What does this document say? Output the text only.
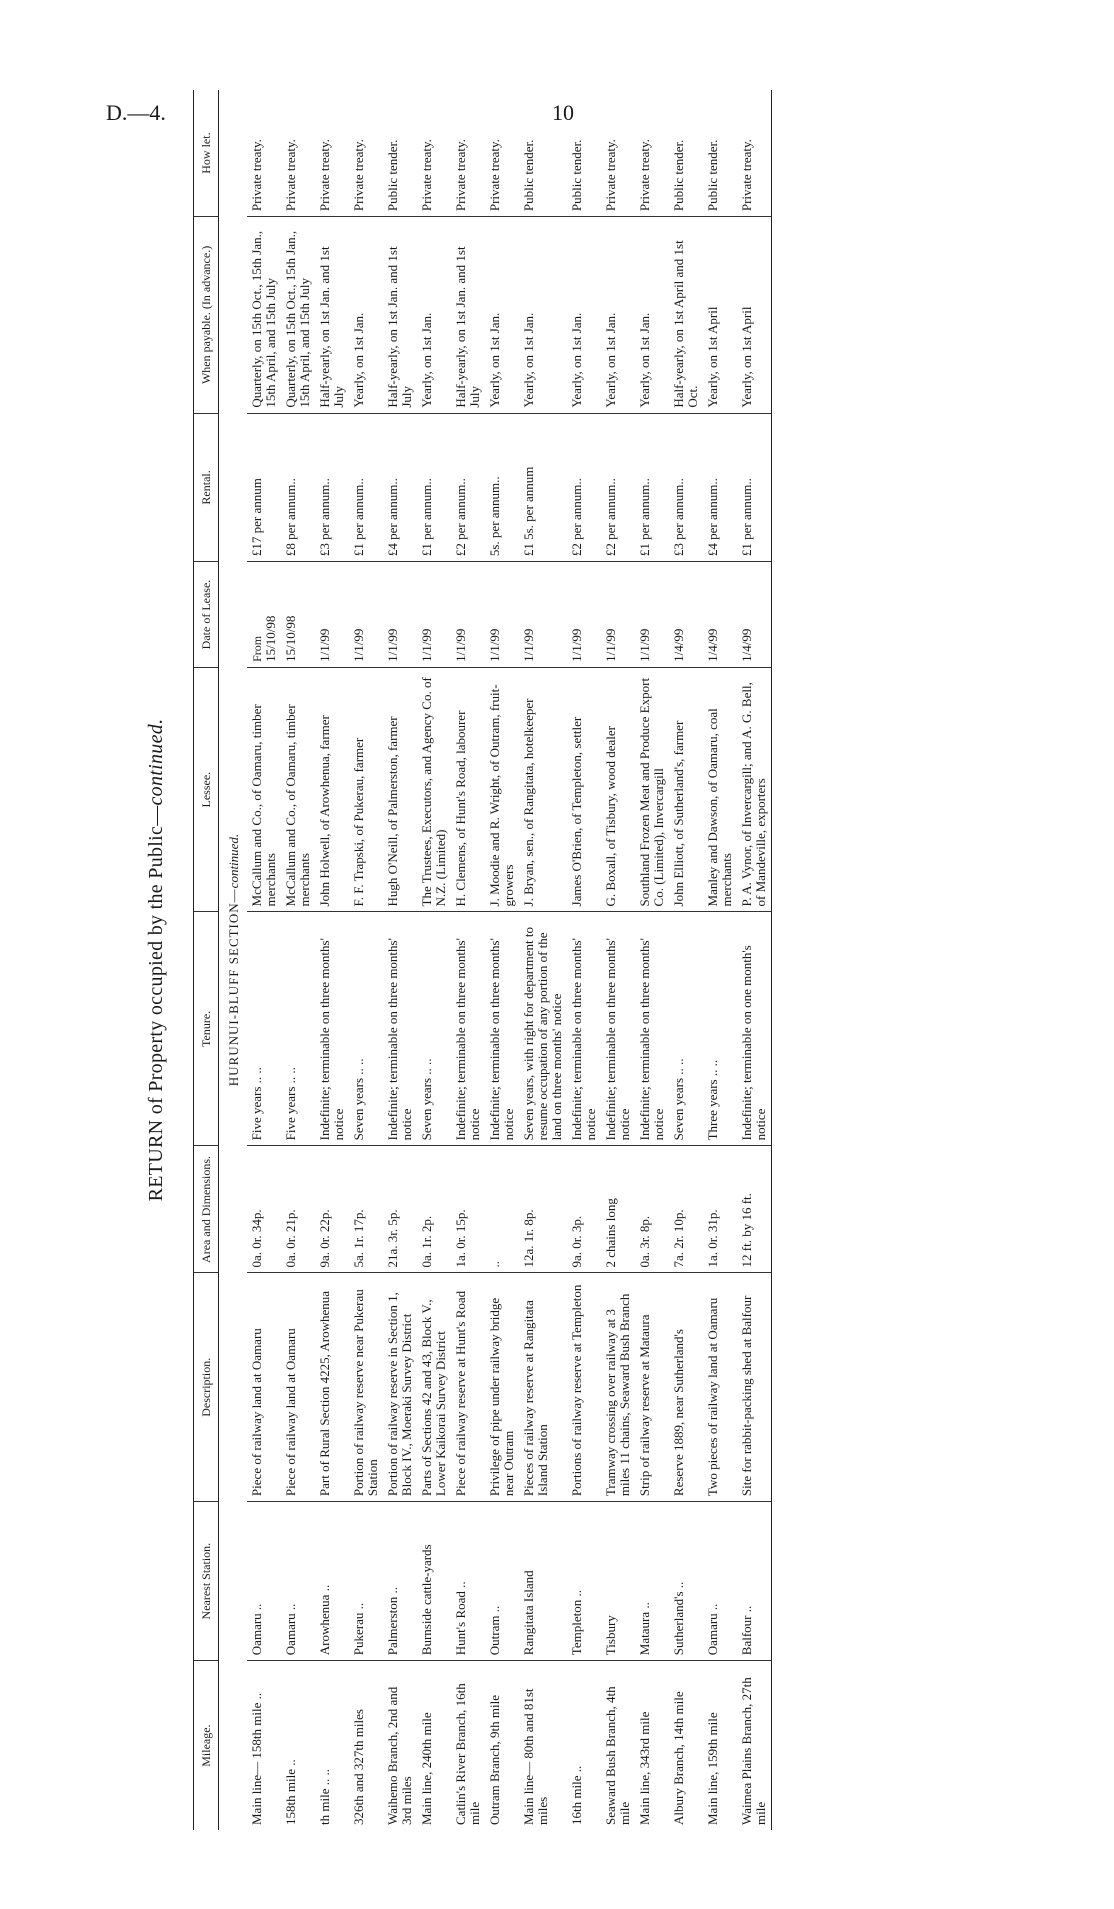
D.—4.	10
RETURN of Property occupied by the Public—continued.
Mileage.	Nearest Station.	Description.	Area and Dimensions.	Tenure.	Lessee.	Date of Lease.	Rental.	When payable. (In advance.)	How let.
HURUNUI-BLUFF SECTION—continued.									
Main line— 158th mile ..	Oamaru ..	Piece of railway land at Oamaru	0a. 0r. 34p.	Five years .. ..	McCallum and Co., of Oamaru, timber merchants	From 15/10/98	£17 per annum	Quarterly, on 15th Oct., 15th Jan., 15th April, and 15th July	Private treaty.
158th mile ..	Oamaru ..	Piece of railway land at Oamaru	0a. 0r. 21p.	Five years .. ..	McCallum and Co., of Oamaru, timber merchants	15/10/98	£8 per annum..	Quarterly, on 15th Oct., 15th Jan., 15th April, and 15th July	Private treaty.
th mile .. ..	Arowhenua ..	Part of Rural Section 4225, Arowhenua	9a. 0r. 22p.	Indefinite; terminable on three months' notice	John Holwell, of Arowhenua, farmer	1/1/99	£3 per annum..	Half-yearly, on 1st Jan. and 1st July	Private treaty.
326th and 327th miles	Pukerau ..	Portion of railway reserve near Pukerau Station	5a. 1r. 17p.	Seven years .. ..	F. F. Trapski, of Pukerau, farmer	1/1/99	£1 per annum..	Yearly, on 1st Jan.	Private treaty.
Waihemo Branch, 2nd and 3rd miles	Palmerston ..	Portion of railway reserve in Section 1, Block IV., Moeraki Survey District	21a. 3r. 5p.	Indefinite; terminable on three months' notice	Hugh O'Neill, of Palmerston, farmer	1/1/99	£4 per annum..	Half-yearly, on 1st Jan. and 1st July	Public tender.
Main line, 240th mile	Burnside cattle-yards	Parts of Sections 42 and 43, Block V., Lower Kaikorai Survey District	0a. 1r. 2p.	Seven years .. ..	The Trustees, Executors, and Agency Co. of N.Z. (Limited)	1/1/99	£1 per annum..	Yearly, on 1st Jan.	Private treaty.
Catlin's River Branch, 16th mile	Hunt's Road ..	Piece of railway reserve at Hunt's Road	1a. 0r. 15p.	Indefinite; terminable on three months' notice	H. Clemens, of Hunt's Road, labourer	1/1/99	£2 per annum..	Half-yearly, on 1st Jan. and 1st July	Private treaty.
Outram Branch, 9th mile	Outram ..	Privilege of pipe under railway bridge near Outram	..	Indefinite; terminable on three months' notice	J. Moodie and R. Wright, of Outram, fruit-growers	1/1/99	5s. per annum..	Yearly, on 1st Jan.	Private treaty.
Main line— 80th and 81st miles	Rangitata Island	Pieces of railway reserve at Rangitata Island Station	12a. 1r. 8p.	Seven years, with right for department to resume occupation of any portion of the land on three months' notice	J. Bryan, sen., of Rangitata, hotelkeeper	1/1/99	£1 5s. per annum	Yearly, on 1st Jan.	Public tender.
16th mile ..	Templeton ..	Portions of railway reserve at Templeton	9a. 0r. 3p.	Indefinite; terminable on three months' notice	James O'Brien, of Templeton, settler	1/1/99	£2 per annum..	Yearly, on 1st Jan.	Public tender.
Seaward Bush Branch, 4th mile	Tisbury	Tramway crossing over railway at 3 miles 11 chains, Seaward Bush Branch	2 chains long	Indefinite; terminable on three months' notice	G. Boxall, of Tisbury, wood dealer	1/1/99	£2 per annum..	Yearly, on 1st Jan.	Private treaty.
Main line, 343rd mile	Mataura ..	Strip of railway reserve at Mataura	0a. 3r. 8p.	Indefinite; terminable on three months' notice	Southland Frozen Meat and Produce Export Co. (Limited), Invercargill	1/1/99	£1 per annum..	Yearly, on 1st Jan.	Private treaty.
Albury Branch, 14th mile	Sutherland's ..	Reserve 1889, near Sutherland's	7a. 2r. 10p.	Seven years .. ..	John Elliott, of Sutherland's, farmer	1/4/99	£3 per annum..	Half-yearly, on 1st April and 1st Oct.	Public tender.
Main line, 159th mile	Oamaru ..	Two pieces of railway land at Oamaru	1a. 0r. 31p.	Three years .. ..	Manley and Dawson, of Oamaru, coal merchants	1/4/99	£4 per annum..	Yearly, on 1st April	Public tender.
Waimea Plains Branch, 27th mile	Balfour ..	Site for rabbit-packing shed at Balfour	12 ft. by 16 ft.	Indefinite; terminable on one month's notice	P. A. Vynor, of Invercargill; and A. G. Bell, of Mandeville, exporters	1/4/99	£1 per annum..	Yearly, on 1st April	Private treaty.
